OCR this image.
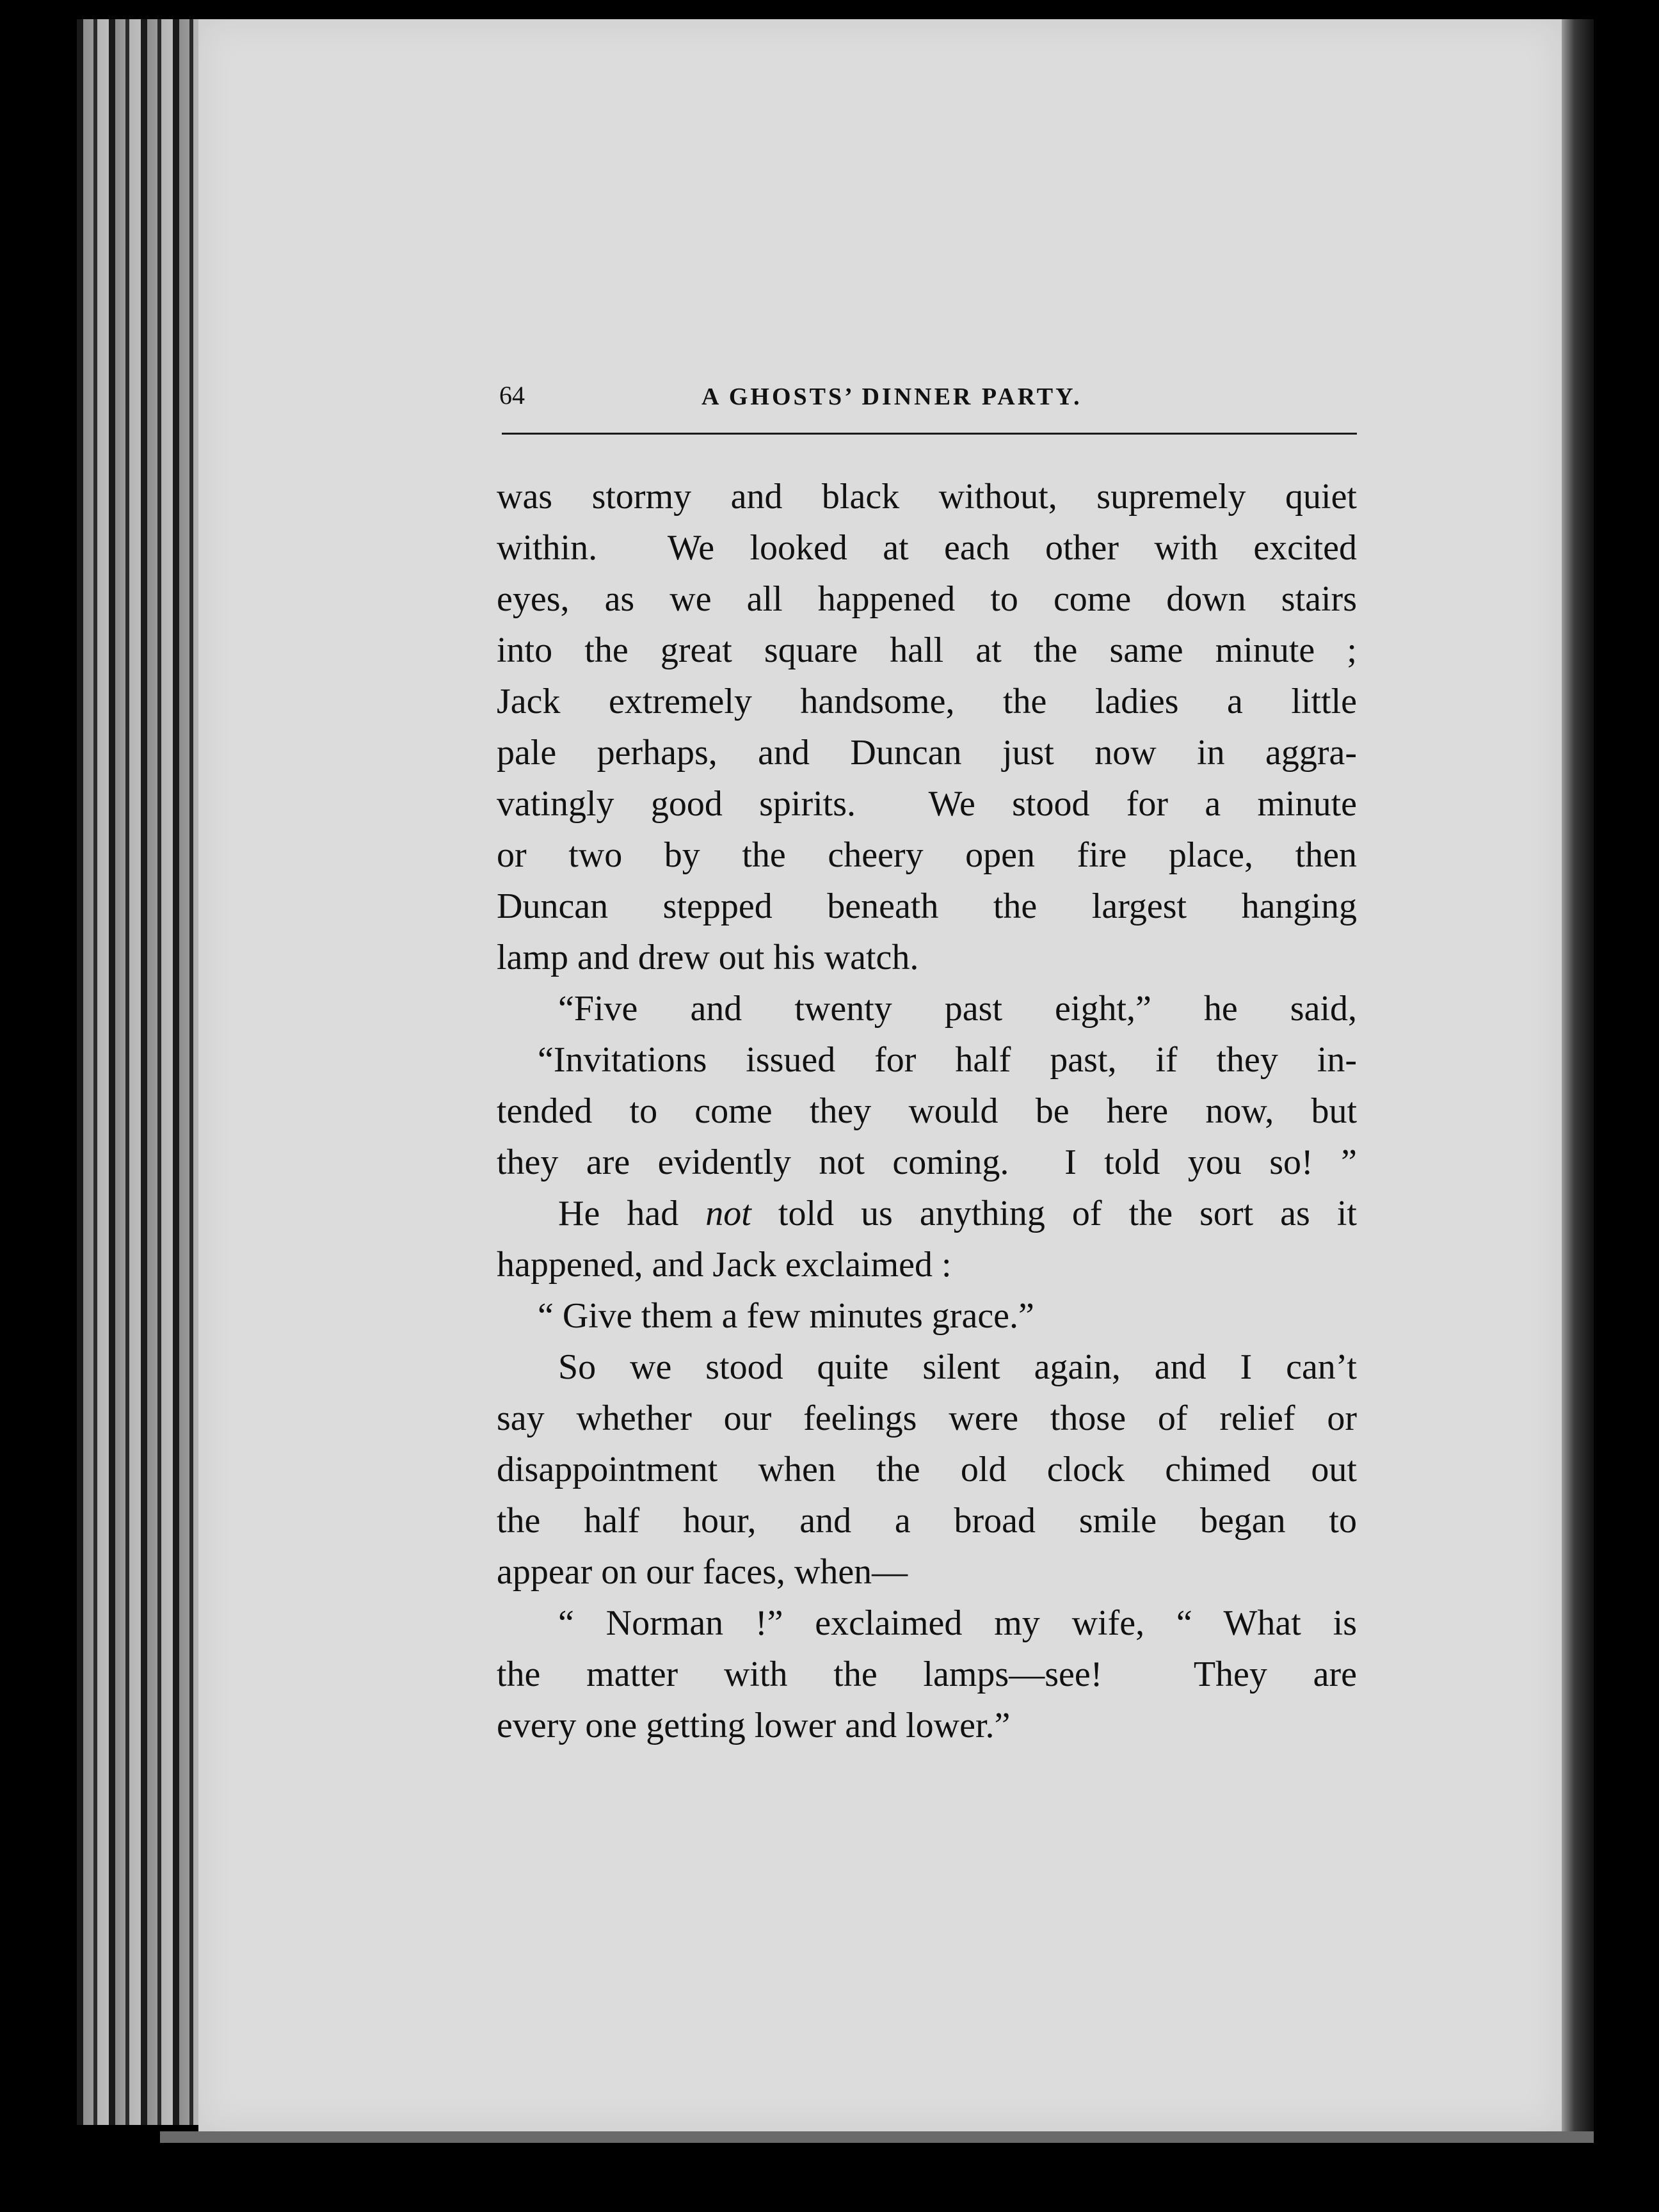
64	A GHOSTS’ DINNER PARTY.
was stormy and black without, supremely quiet
within.  We looked at each other with excited
eyes, as we all happened to come down stairs
into the great square hall at the same minute ;
Jack extremely handsome, the ladies a little
pale perhaps, and Duncan just now in aggra-
vatingly good spirits.  We stood for a minute
or two by the cheery open fire place, then
Duncan stepped beneath the largest hanging
lamp and drew out his watch.
“Five and twenty past eight,” he said,
“Invitations issued for half past, if they in-
tended to come they would be here now, but
they are evidently not coming.  I told you so! ”
He had not told us anything of the sort as it
happened, and Jack exclaimed :
“ Give them a few minutes grace.”
So we stood quite silent again, and I can’t
say whether our feelings were those of relief or
disappointment when the old clock chimed out
the half hour, and a broad smile began to
appear on our faces, when—
“ Norman !” exclaimed my wife, “ What is
the matter with the lamps—see!  They are
every one getting lower and lower.”
